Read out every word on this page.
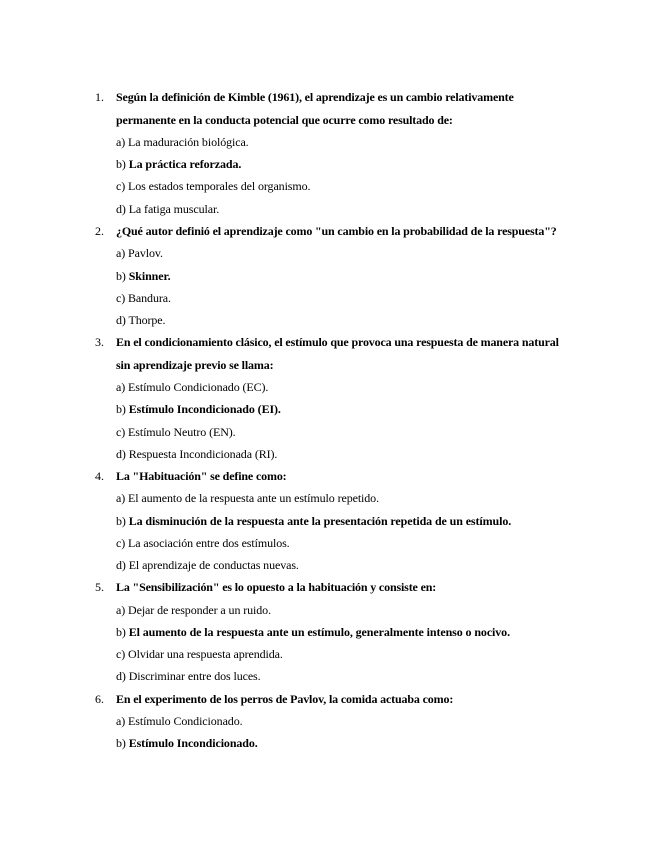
1. Según la definición de Kimble (1961), el aprendizaje es un cambio relativamente permanente en la conducta potencial que ocurre como resultado de:
a) La maduración biológica.
b) La práctica reforzada.
c) Los estados temporales del organismo.
d) La fatiga muscular.
2. ¿Qué autor definió el aprendizaje como "un cambio en la probabilidad de la respuesta"?
a) Pavlov.
b) Skinner.
c) Bandura.
d) Thorpe.
3. En el condicionamiento clásico, el estímulo que provoca una respuesta de manera natural sin aprendizaje previo se llama:
a) Estímulo Condicionado (EC).
b) Estímulo Incondicionado (EI).
c) Estímulo Neutro (EN).
d) Respuesta Incondicionada (RI).
4. La "Habituación" se define como:
a) El aumento de la respuesta ante un estímulo repetido.
b) La disminución de la respuesta ante la presentación repetida de un estímulo.
c) La asociación entre dos estímulos.
d) El aprendizaje de conductas nuevas.
5. La "Sensibilización" es lo opuesto a la habituación y consiste en:
a) Dejar de responder a un ruido.
b) El aumento de la respuesta ante un estímulo, generalmente intenso o nocivo.
c) Olvidar una respuesta aprendida.
d) Discriminar entre dos luces.
6. En el experimento de los perros de Pavlov, la comida actuaba como:
a) Estímulo Condicionado.
b) Estímulo Incondicionado.
